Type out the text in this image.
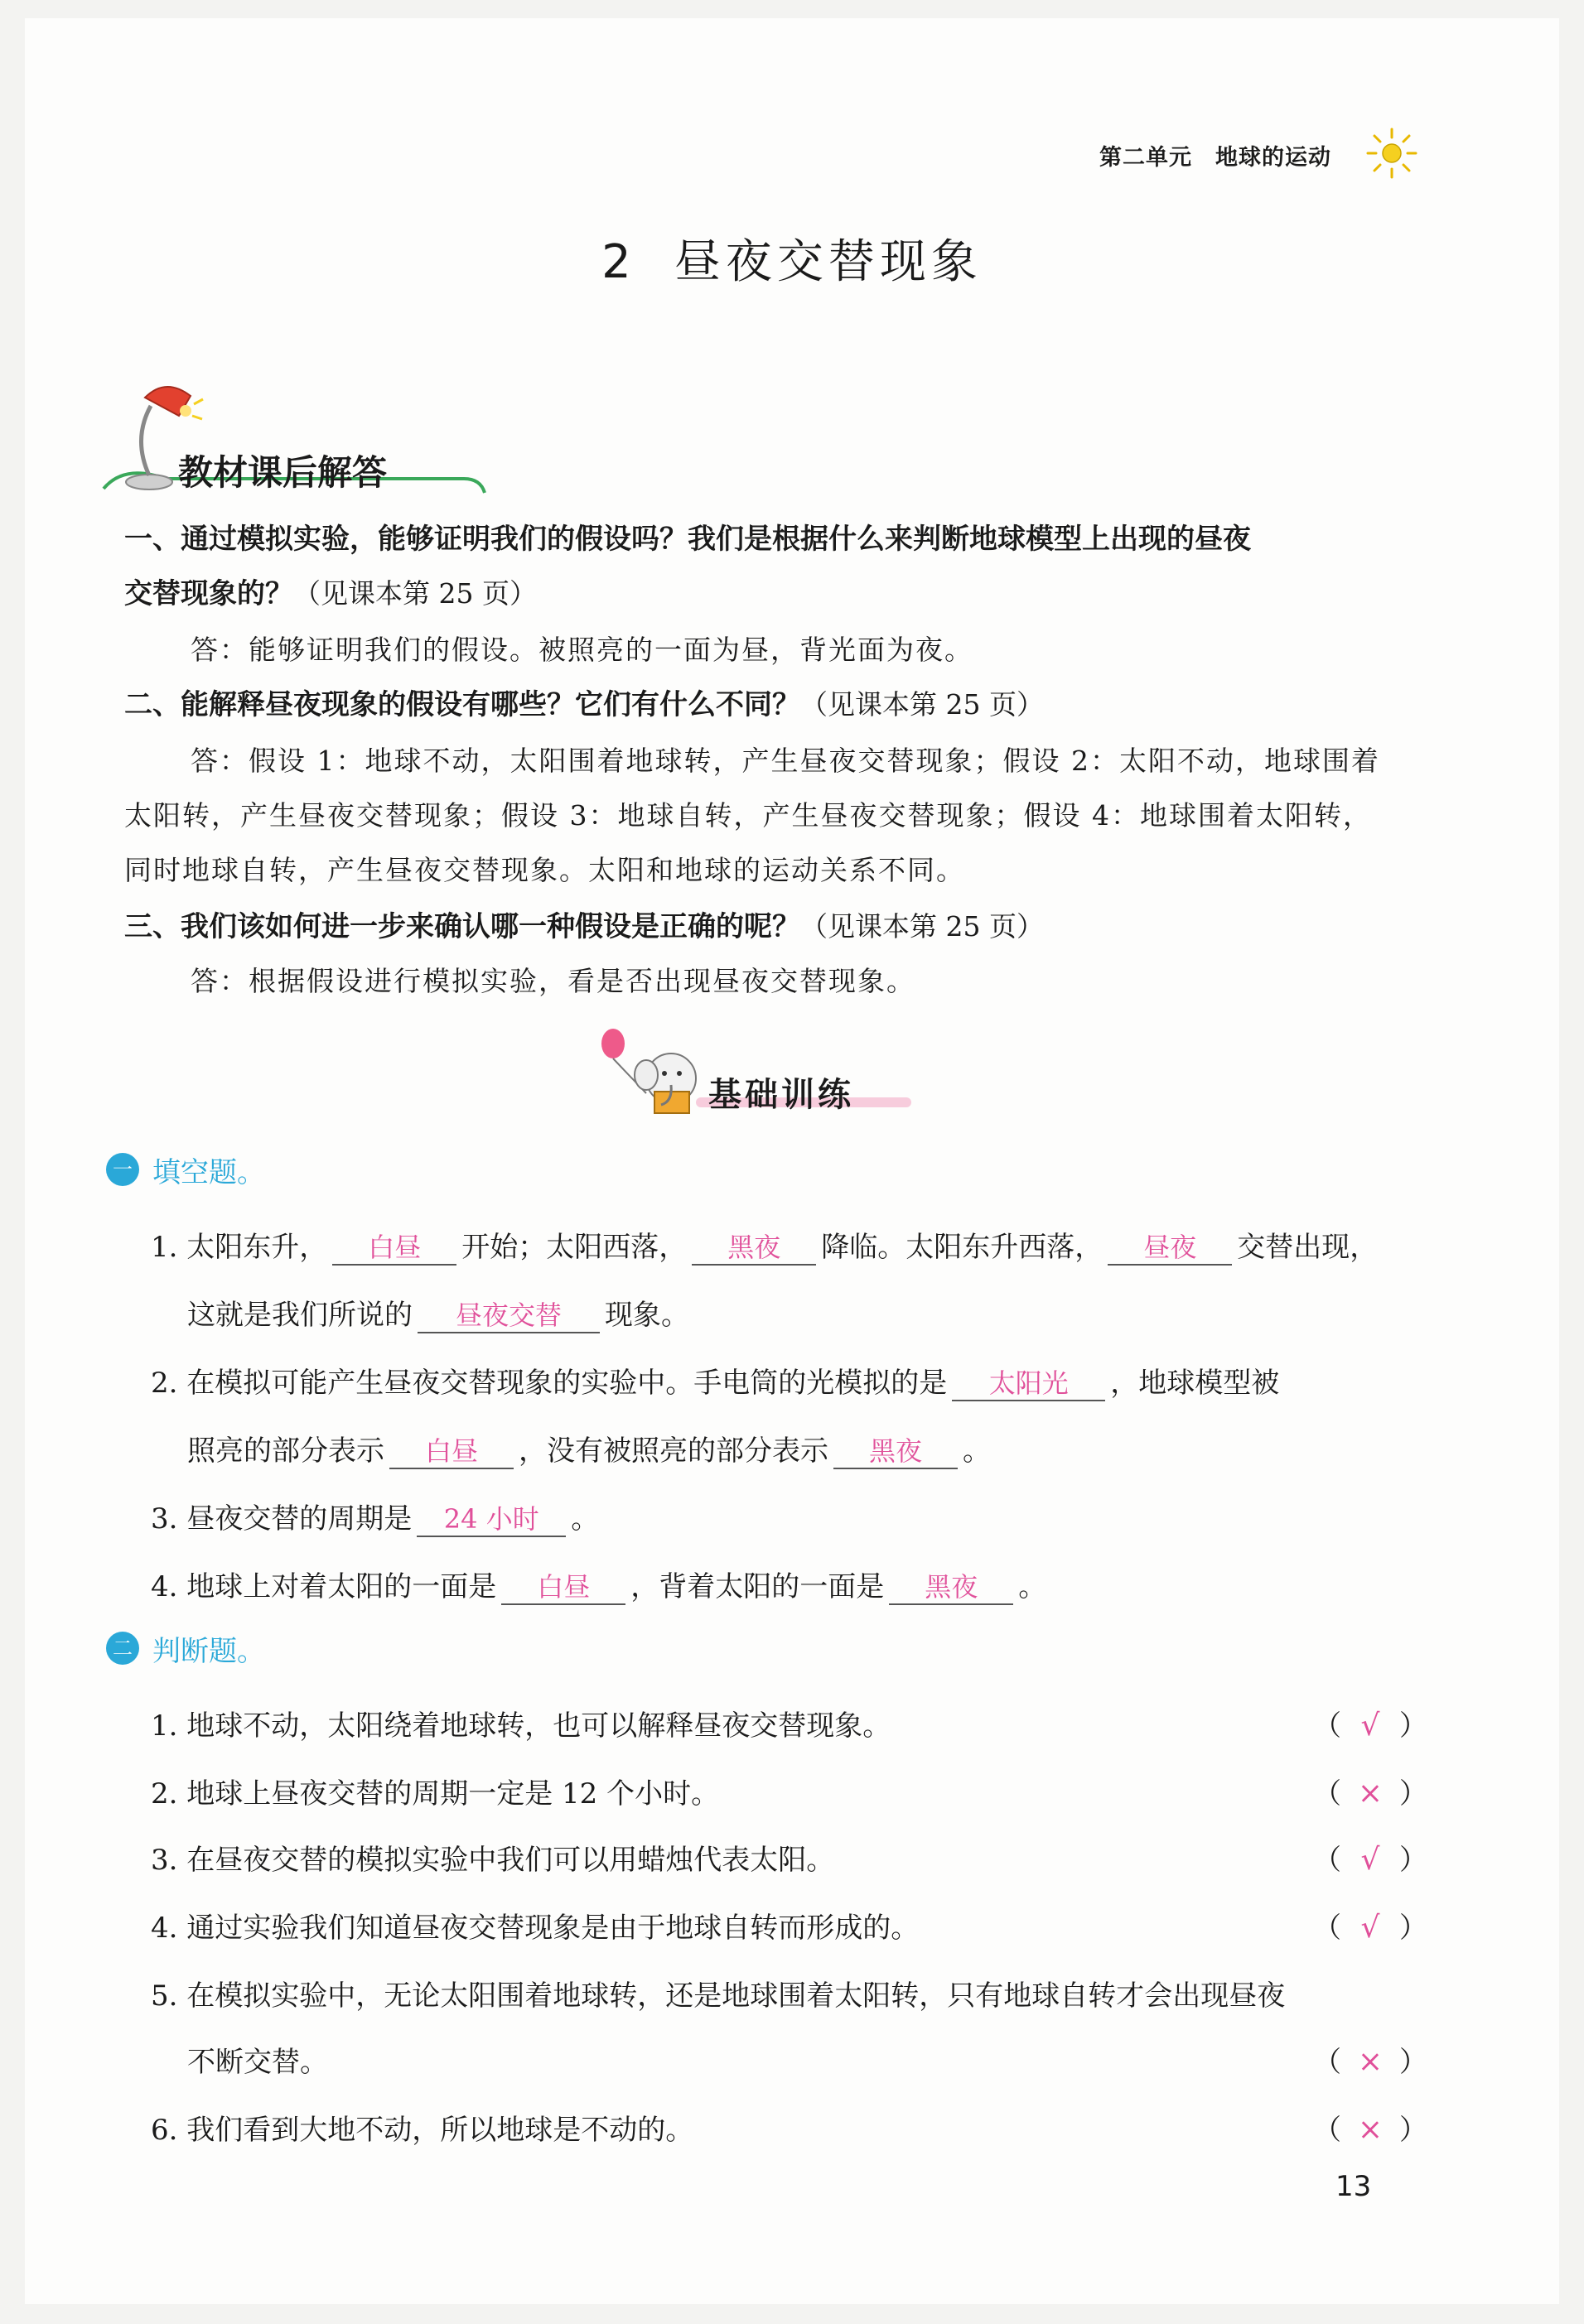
第二单元　地球的运动
2 昼夜交替现象
教材课后解答
一、通过模拟实验，能够证明我们的假设吗？我们是根据什么来判断地球模型上出现的昼夜
交替现象的？（见课本第 25 页）
答：能够证明我们的假设。被照亮的一面为昼，背光面为夜。
二、能解释昼夜现象的假设有哪些？它们有什么不同？（见课本第 25 页）
答：假设 1：地球不动，太阳围着地球转，产生昼夜交替现象；假设 2：太阳不动，地球围着
太阳转，产生昼夜交替现象；假设 3：地球自转，产生昼夜交替现象；假设 4：地球围着太阳转，
同时地球自转，产生昼夜交替现象。太阳和地球的运动关系不同。
三、我们该如何进一步来确认哪一种假设是正确的呢？（见课本第 25 页）
答：根据假设进行模拟实验，看是否出现昼夜交替现象。
基础训练
一 填空题。
1. 太阳东升， 白昼 开始；太阳西落， 黑夜 降临。太阳东升西落， 昼夜 交替出现，
这就是我们所说的 昼夜交替 现象。
2. 在模拟可能产生昼夜交替现象的实验中。手电筒的光模拟的是 太阳光 ，地球模型被
照亮的部分表示 白昼 ，没有被照亮的部分表示 黑夜 。
3. 昼夜交替的周期是 24 小时 。
4. 地球上对着太阳的一面是 白昼 ，背着太阳的一面是 黑夜 。
二 判断题。
1. 地球不动，太阳绕着地球转，也可以解释昼夜交替现象。	（ √ ）
2. 地球上昼夜交替的周期一定是 12 个小时。	（ × ）
3. 在昼夜交替的模拟实验中我们可以用蜡烛代表太阳。	（ √ ）
4. 通过实验我们知道昼夜交替现象是由于地球自转而形成的。	（ √ ）
5. 在模拟实验中，无论太阳围着地球转，还是地球围着太阳转，只有地球自转才会出现昼夜
不断交替。	（ × ）
6. 我们看到大地不动，所以地球是不动的。	（ × ）
13
